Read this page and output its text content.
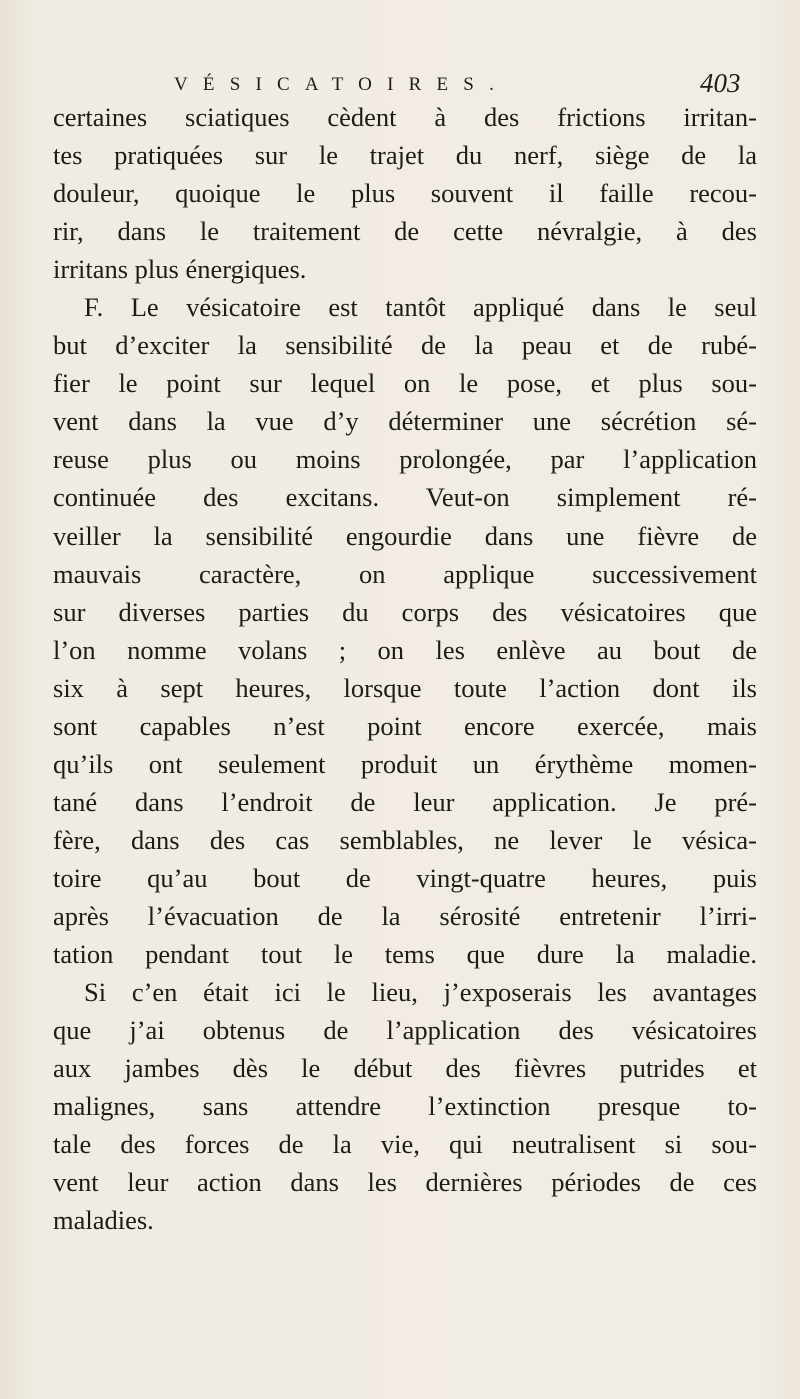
VÉSICATOIRES.	403
certaines sciatiques cèdent à des frictions irritan-
tes pratiquées sur le trajet du nerf, siège de la
douleur, quoique le plus souvent il faille recou-
rir, dans le traitement de cette névralgie, à des
irritans plus énergiques.
F. Le vésicatoire est tantôt appliqué dans le seul
but d’exciter la sensibilité de la peau et de rubé-
fier le point sur lequel on le pose, et plus sou-
vent dans la vue d’y déterminer une sécrétion sé-
reuse plus ou moins prolongée, par l’application
continuée des excitans. Veut-on simplement ré-
veiller la sensibilité engourdie dans une fièvre de
mauvais caractère, on applique successivement
sur diverses parties du corps des vésicatoires que
l’on nomme volans ; on les enlève au bout de
six à sept heures, lorsque toute l’action dont ils
sont capables n’est point encore exercée, mais
qu’ils ont seulement produit un érythème momen-
tané dans l’endroit de leur application. Je pré-
fère, dans des cas semblables, ne lever le vésica-
toire qu’au bout de vingt-quatre heures, puis
après l’évacuation de la sérosité entretenir l’irri-
tation pendant tout le tems que dure la maladie.
Si c’en était ici le lieu, j’exposerais les avantages
que j’ai obtenus de l’application des vésicatoires
aux jambes dès le début des fièvres putrides et
malignes, sans attendre l’extinction presque to-
tale des forces de la vie, qui neutralisent si sou-
vent leur action dans les dernières périodes de ces
maladies.
